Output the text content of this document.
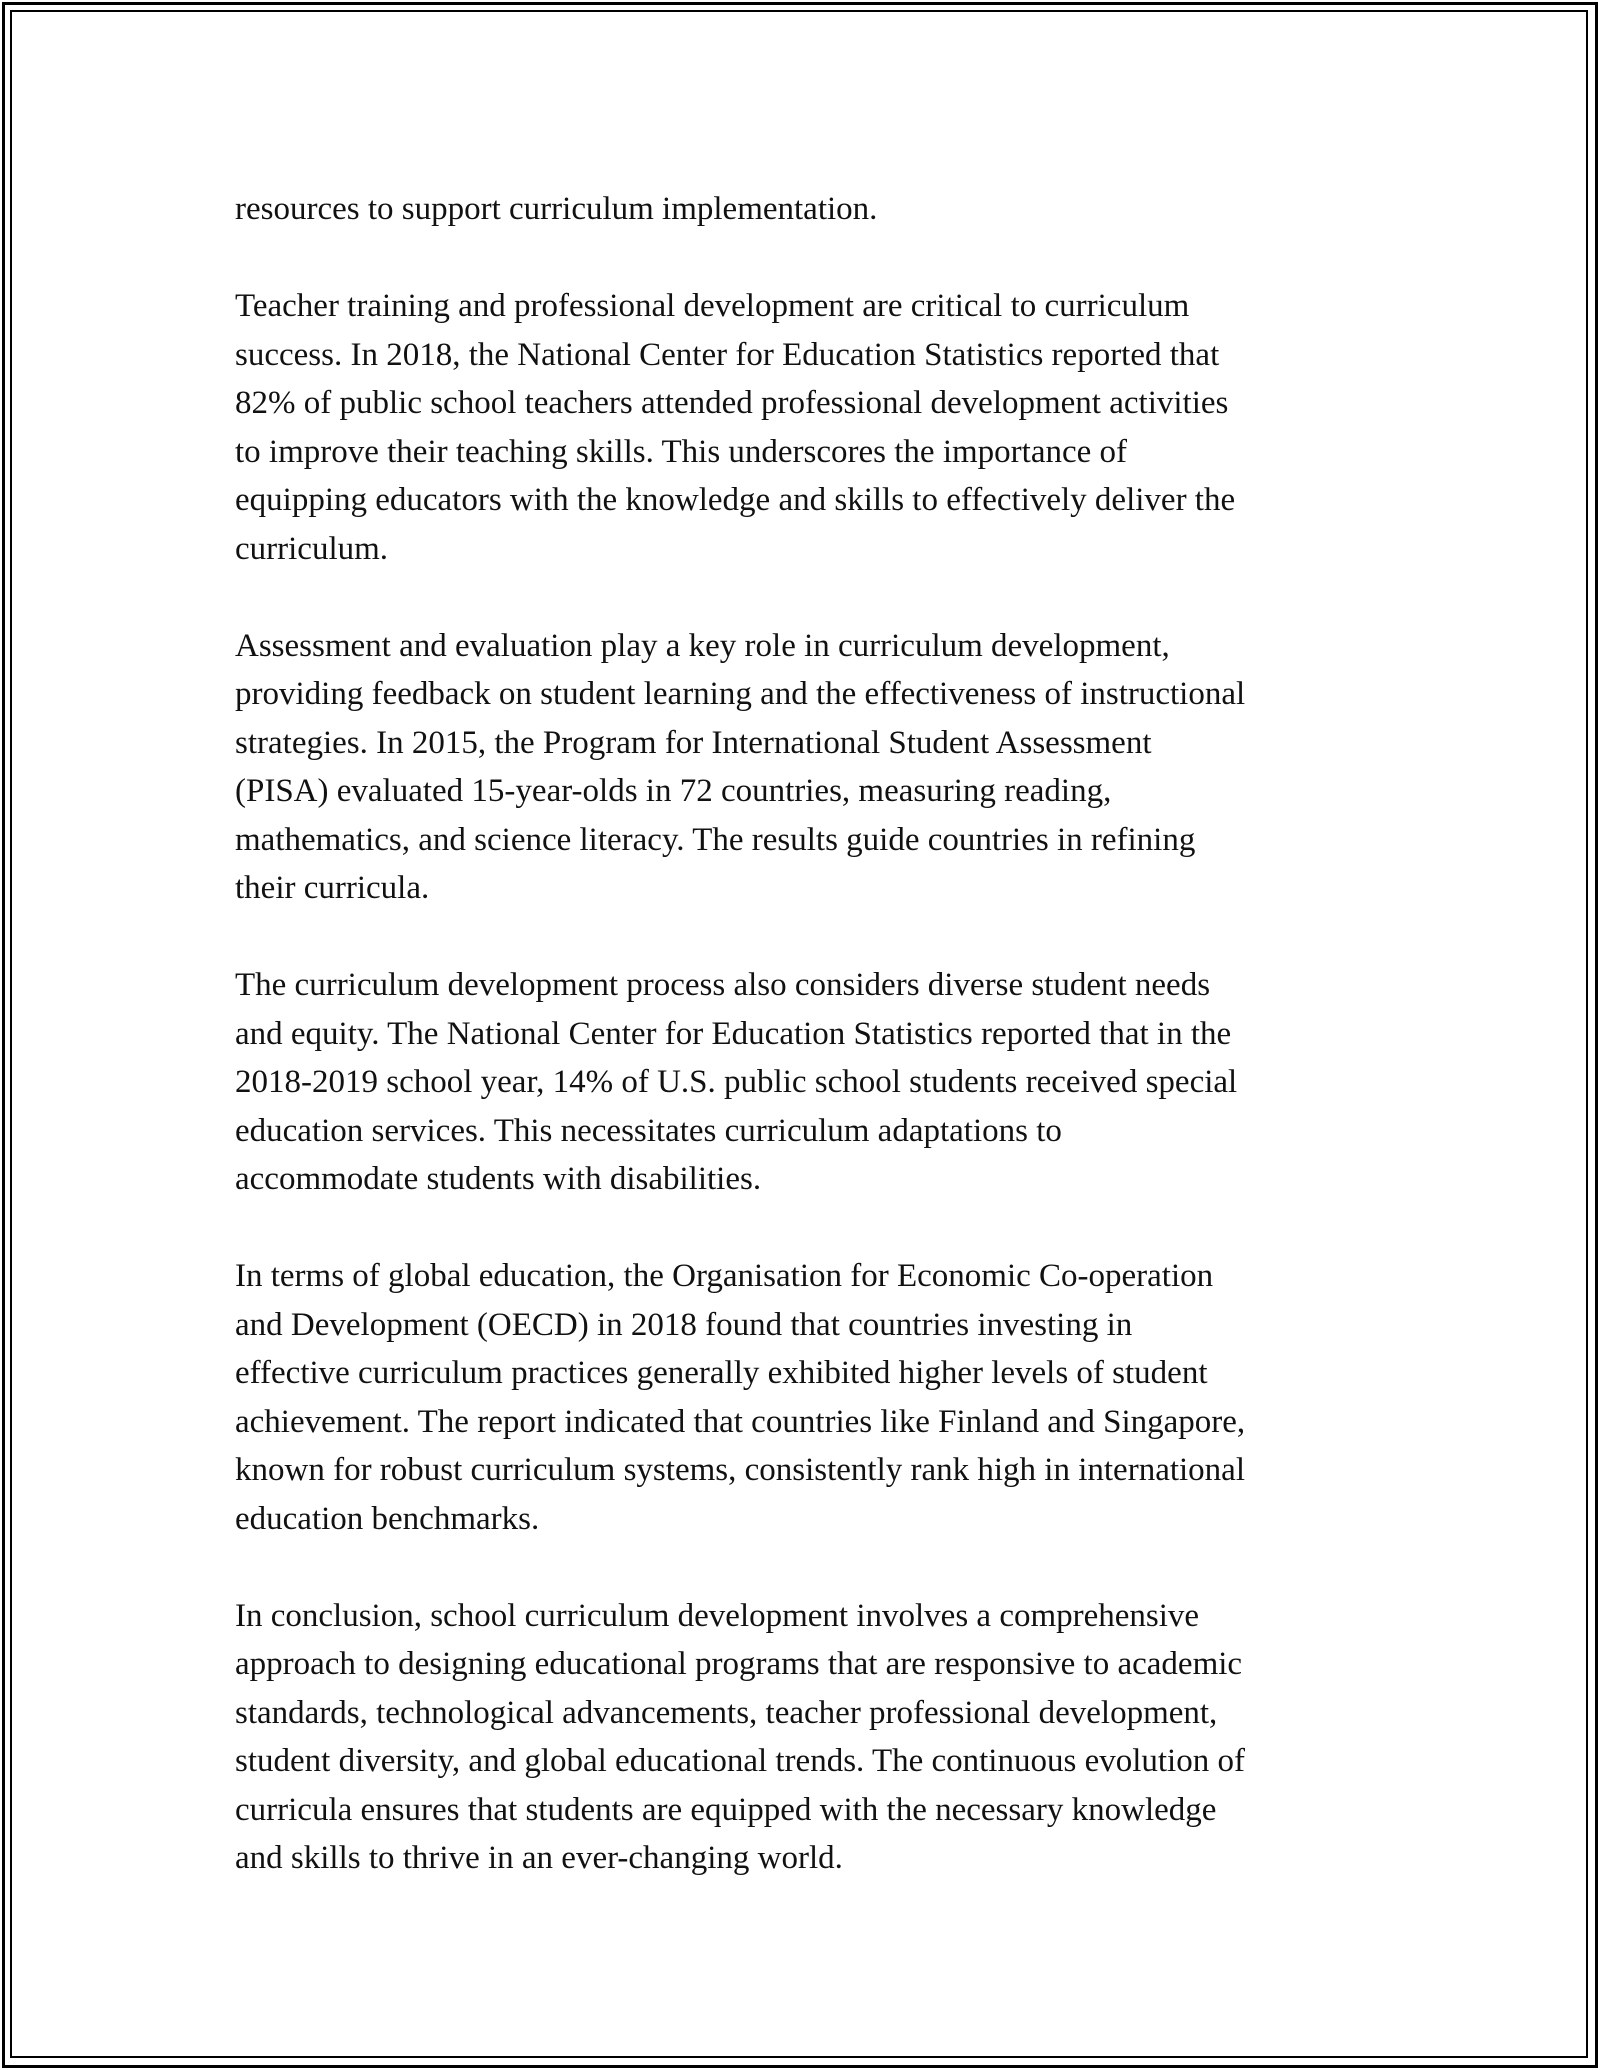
resources to support curriculum implementation.
Teacher training and professional development are critical to curriculum
success. In 2018, the National Center for Education Statistics reported that
82% of public school teachers attended professional development activities
to improve their teaching skills. This underscores the importance of
equipping educators with the knowledge and skills to effectively deliver the
curriculum.
Assessment and evaluation play a key role in curriculum development,
providing feedback on student learning and the effectiveness of instructional
strategies. In 2015, the Program for International Student Assessment
(PISA) evaluated 15-year-olds in 72 countries, measuring reading,
mathematics, and science literacy. The results guide countries in refining
their curricula.
The curriculum development process also considers diverse student needs
and equity. The National Center for Education Statistics reported that in the
2018-2019 school year, 14% of U.S. public school students received special
education services. This necessitates curriculum adaptations to
accommodate students with disabilities.
In terms of global education, the Organisation for Economic Co-operation
and Development (OECD) in 2018 found that countries investing in
effective curriculum practices generally exhibited higher levels of student
achievement. The report indicated that countries like Finland and Singapore,
known for robust curriculum systems, consistently rank high in international
education benchmarks.
In conclusion, school curriculum development involves a comprehensive
approach to designing educational programs that are responsive to academic
standards, technological advancements, teacher professional development,
student diversity, and global educational trends. The continuous evolution of
curricula ensures that students are equipped with the necessary knowledge
and skills to thrive in an ever-changing world.
